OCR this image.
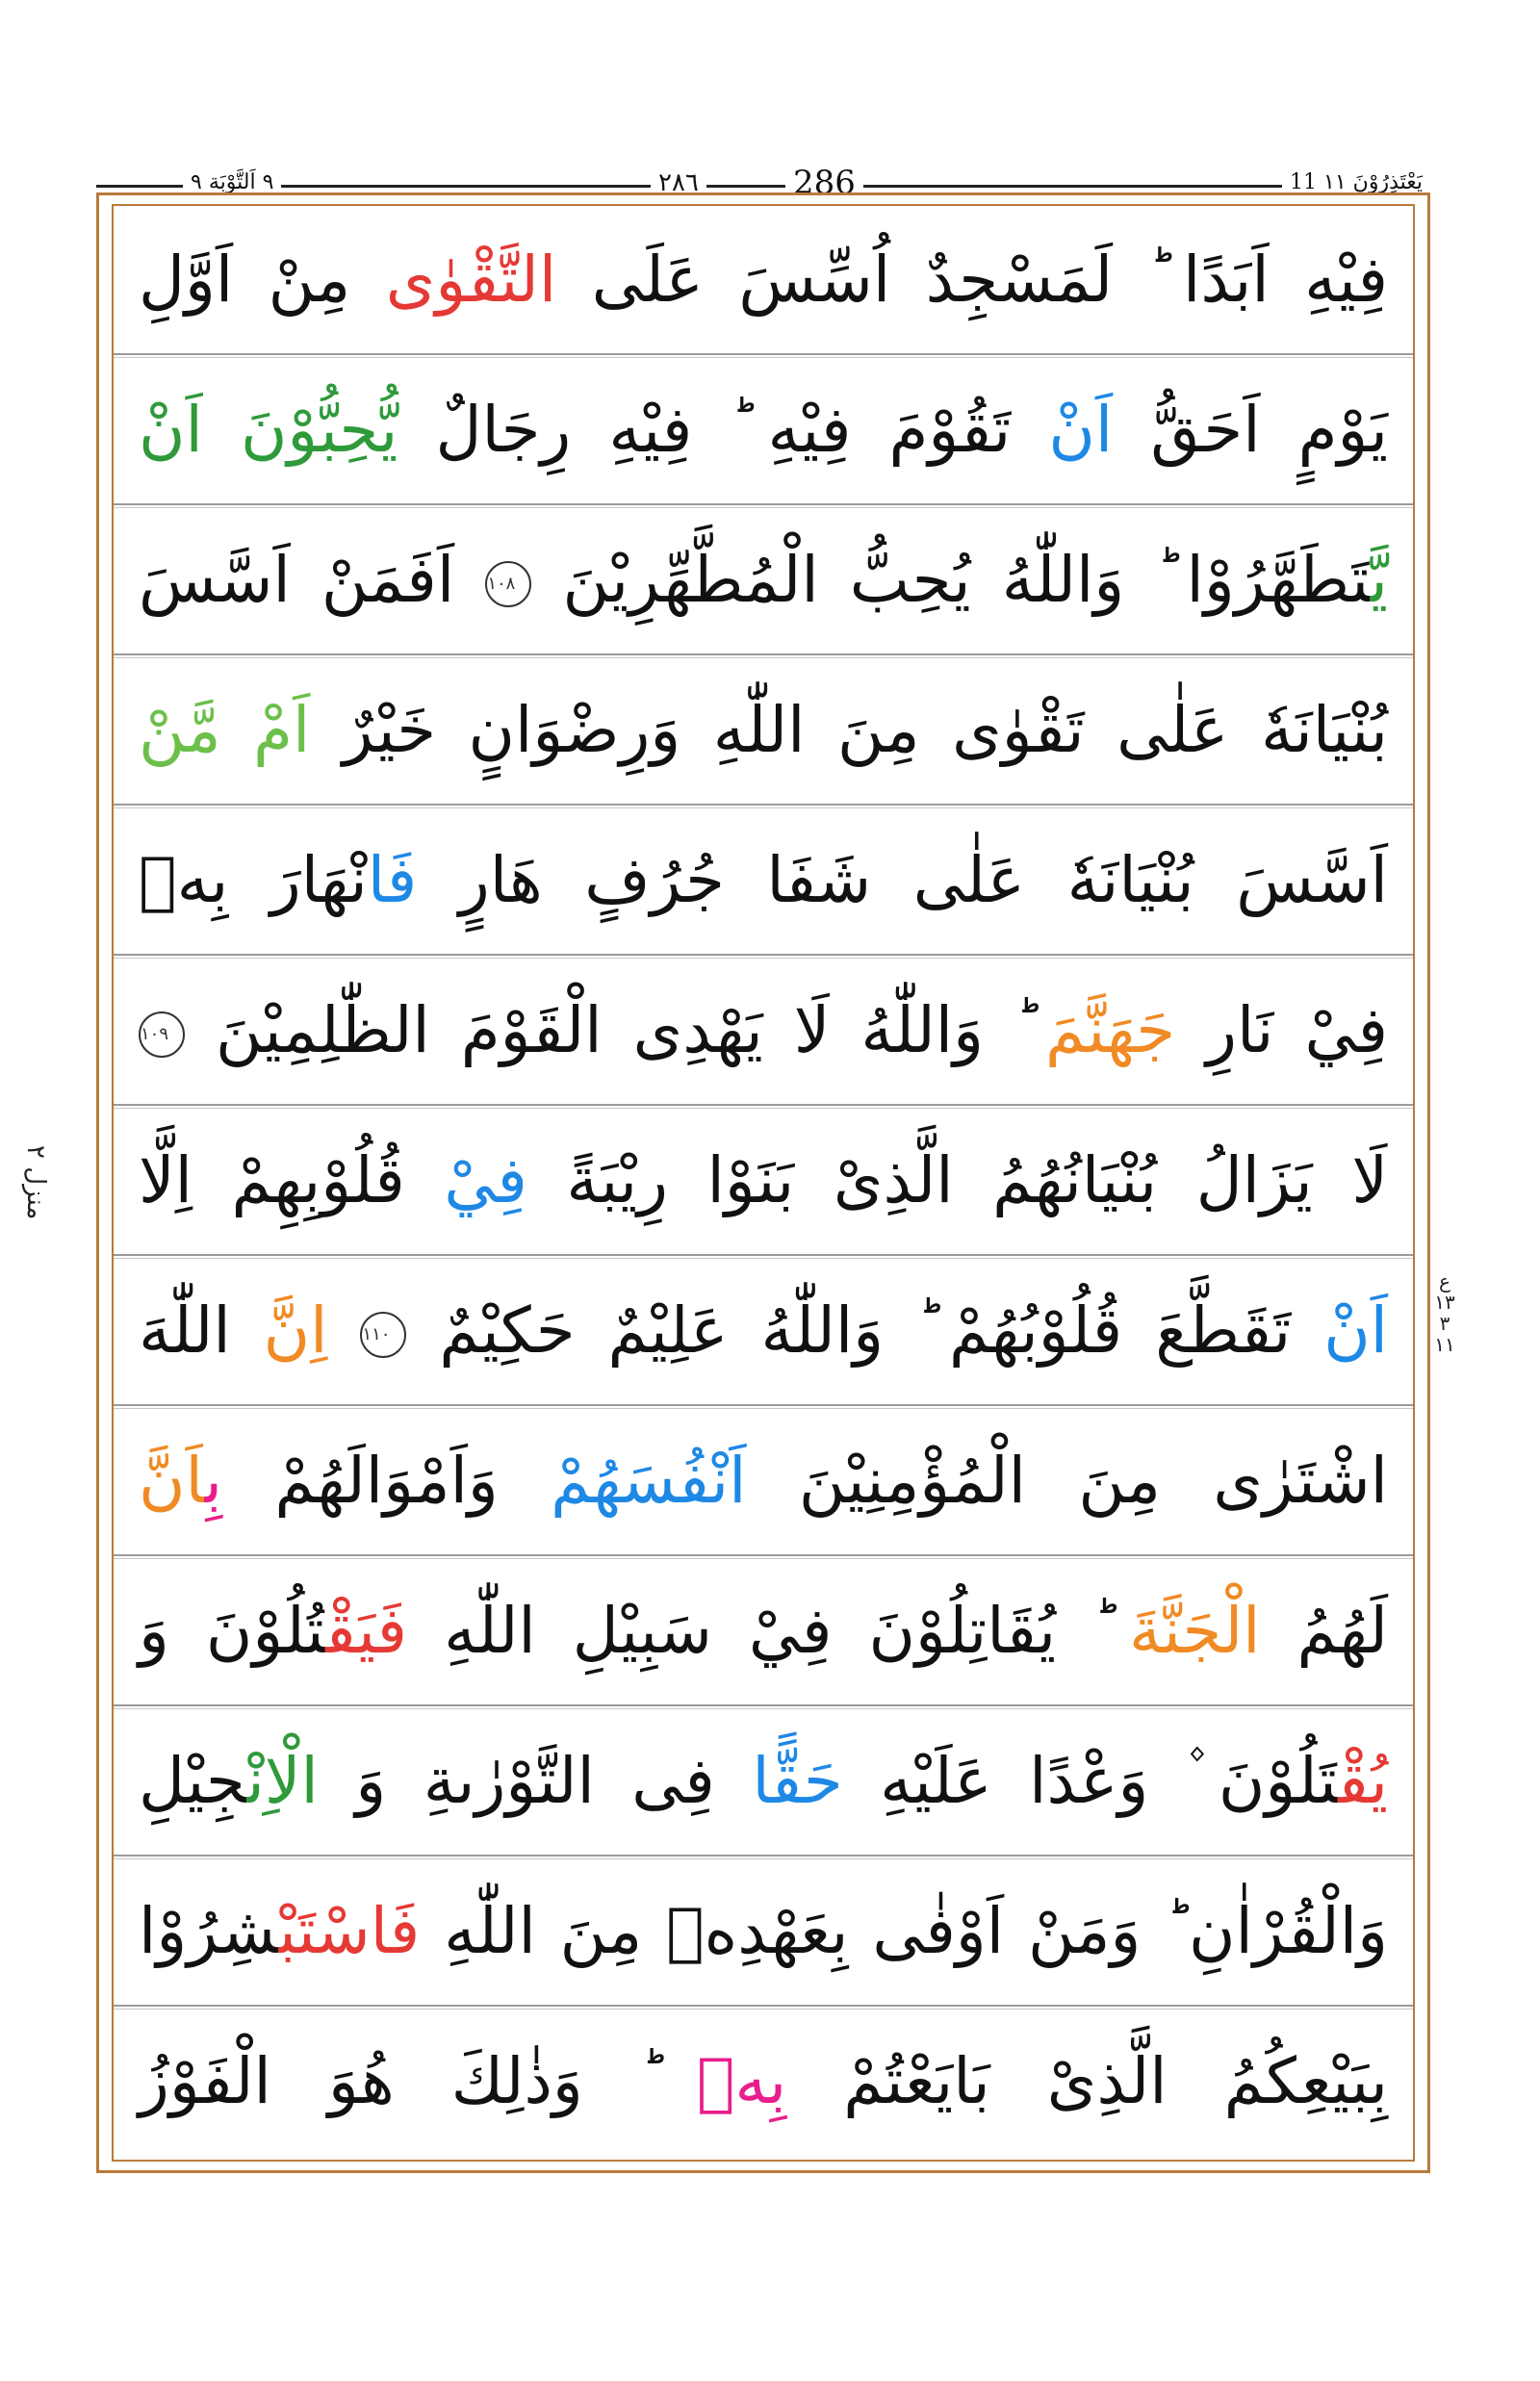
11 يَعْتَذِرُوْنَ ١١
286
٢٨٦
٩ اَلتَّوْبَة ٩
فِيْهِ اَبَدًا ؕ لَمَسْجِدٌ اُسِّسَ عَلَى التَّقْوٰى مِنْ اَوَّلِ
يَوْمٍ اَحَقُّ اَنْ تَقُوْمَ فِيْهِ ؕ فِيْهِ رِجَالٌ يُّحِبُّوْنَ اَنْ
يَّتَطَهَّرُوْا ؕ وَاللّٰهُ يُحِبُّ الْمُطَّهِّرِيْنَ ١٠٨ اَفَمَنْ اَسَّسَ
بُنْيَانَهٗ عَلٰى تَقْوٰى مِنَ اللّٰهِ وَرِضْوَانٍ خَيْرٌ اَمْ مَّنْ
اَسَّسَ بُنْيَانَهٗ عَلٰى شَفَا جُرُفٍ هَارٍ فَانْهَارَ بِهٖ
فِيْ نَارِ جَهَنَّمَ ؕ وَاللّٰهُ لَا يَهْدِى الْقَوْمَ الظّٰلِمِيْنَ ١٠٩
لَا يَزَالُ بُنْيَانُهُمُ الَّذِىْ بَنَوْا رِيْبَةً فِيْ قُلُوْبِهِمْ اِلَّا
اَنْ تَقَطَّعَ قُلُوْبُهُمْ ؕ وَاللّٰهُ عَلِيْمٌ حَكِيْمٌ ١١٠ اِنَّ اللّٰهَ
اشْتَرٰى مِنَ الْمُؤْمِنِيْنَ اَنْفُسَهُمْ وَاَمْوَالَهُمْ بِاَنَّ
لَهُمُ الْجَنَّةَ ؕ يُقَاتِلُوْنَ فِيْ سَبِيْلِ اللّٰهِ فَيَقْتُلُوْنَ وَ
يُقْتَلُوْنَ ۫ وَعْدًا عَلَيْهِ حَقًّا فِى التَّوْرٰىةِ وَ الْاِنْجِيْلِ
وَالْقُرْاٰنِ ؕ وَمَنْ اَوْفٰى بِعَهْدِهٖ مِنَ اللّٰهِ فَاسْتَبْشِرُوْا
بِبَيْعِكُمُ الَّذِىْ بَايَعْتُمْ بِهٖ ؕ وَذٰلِكَ هُوَ الْفَوْزُ
منزل ٢
ع ١٣ ٣ ١١
